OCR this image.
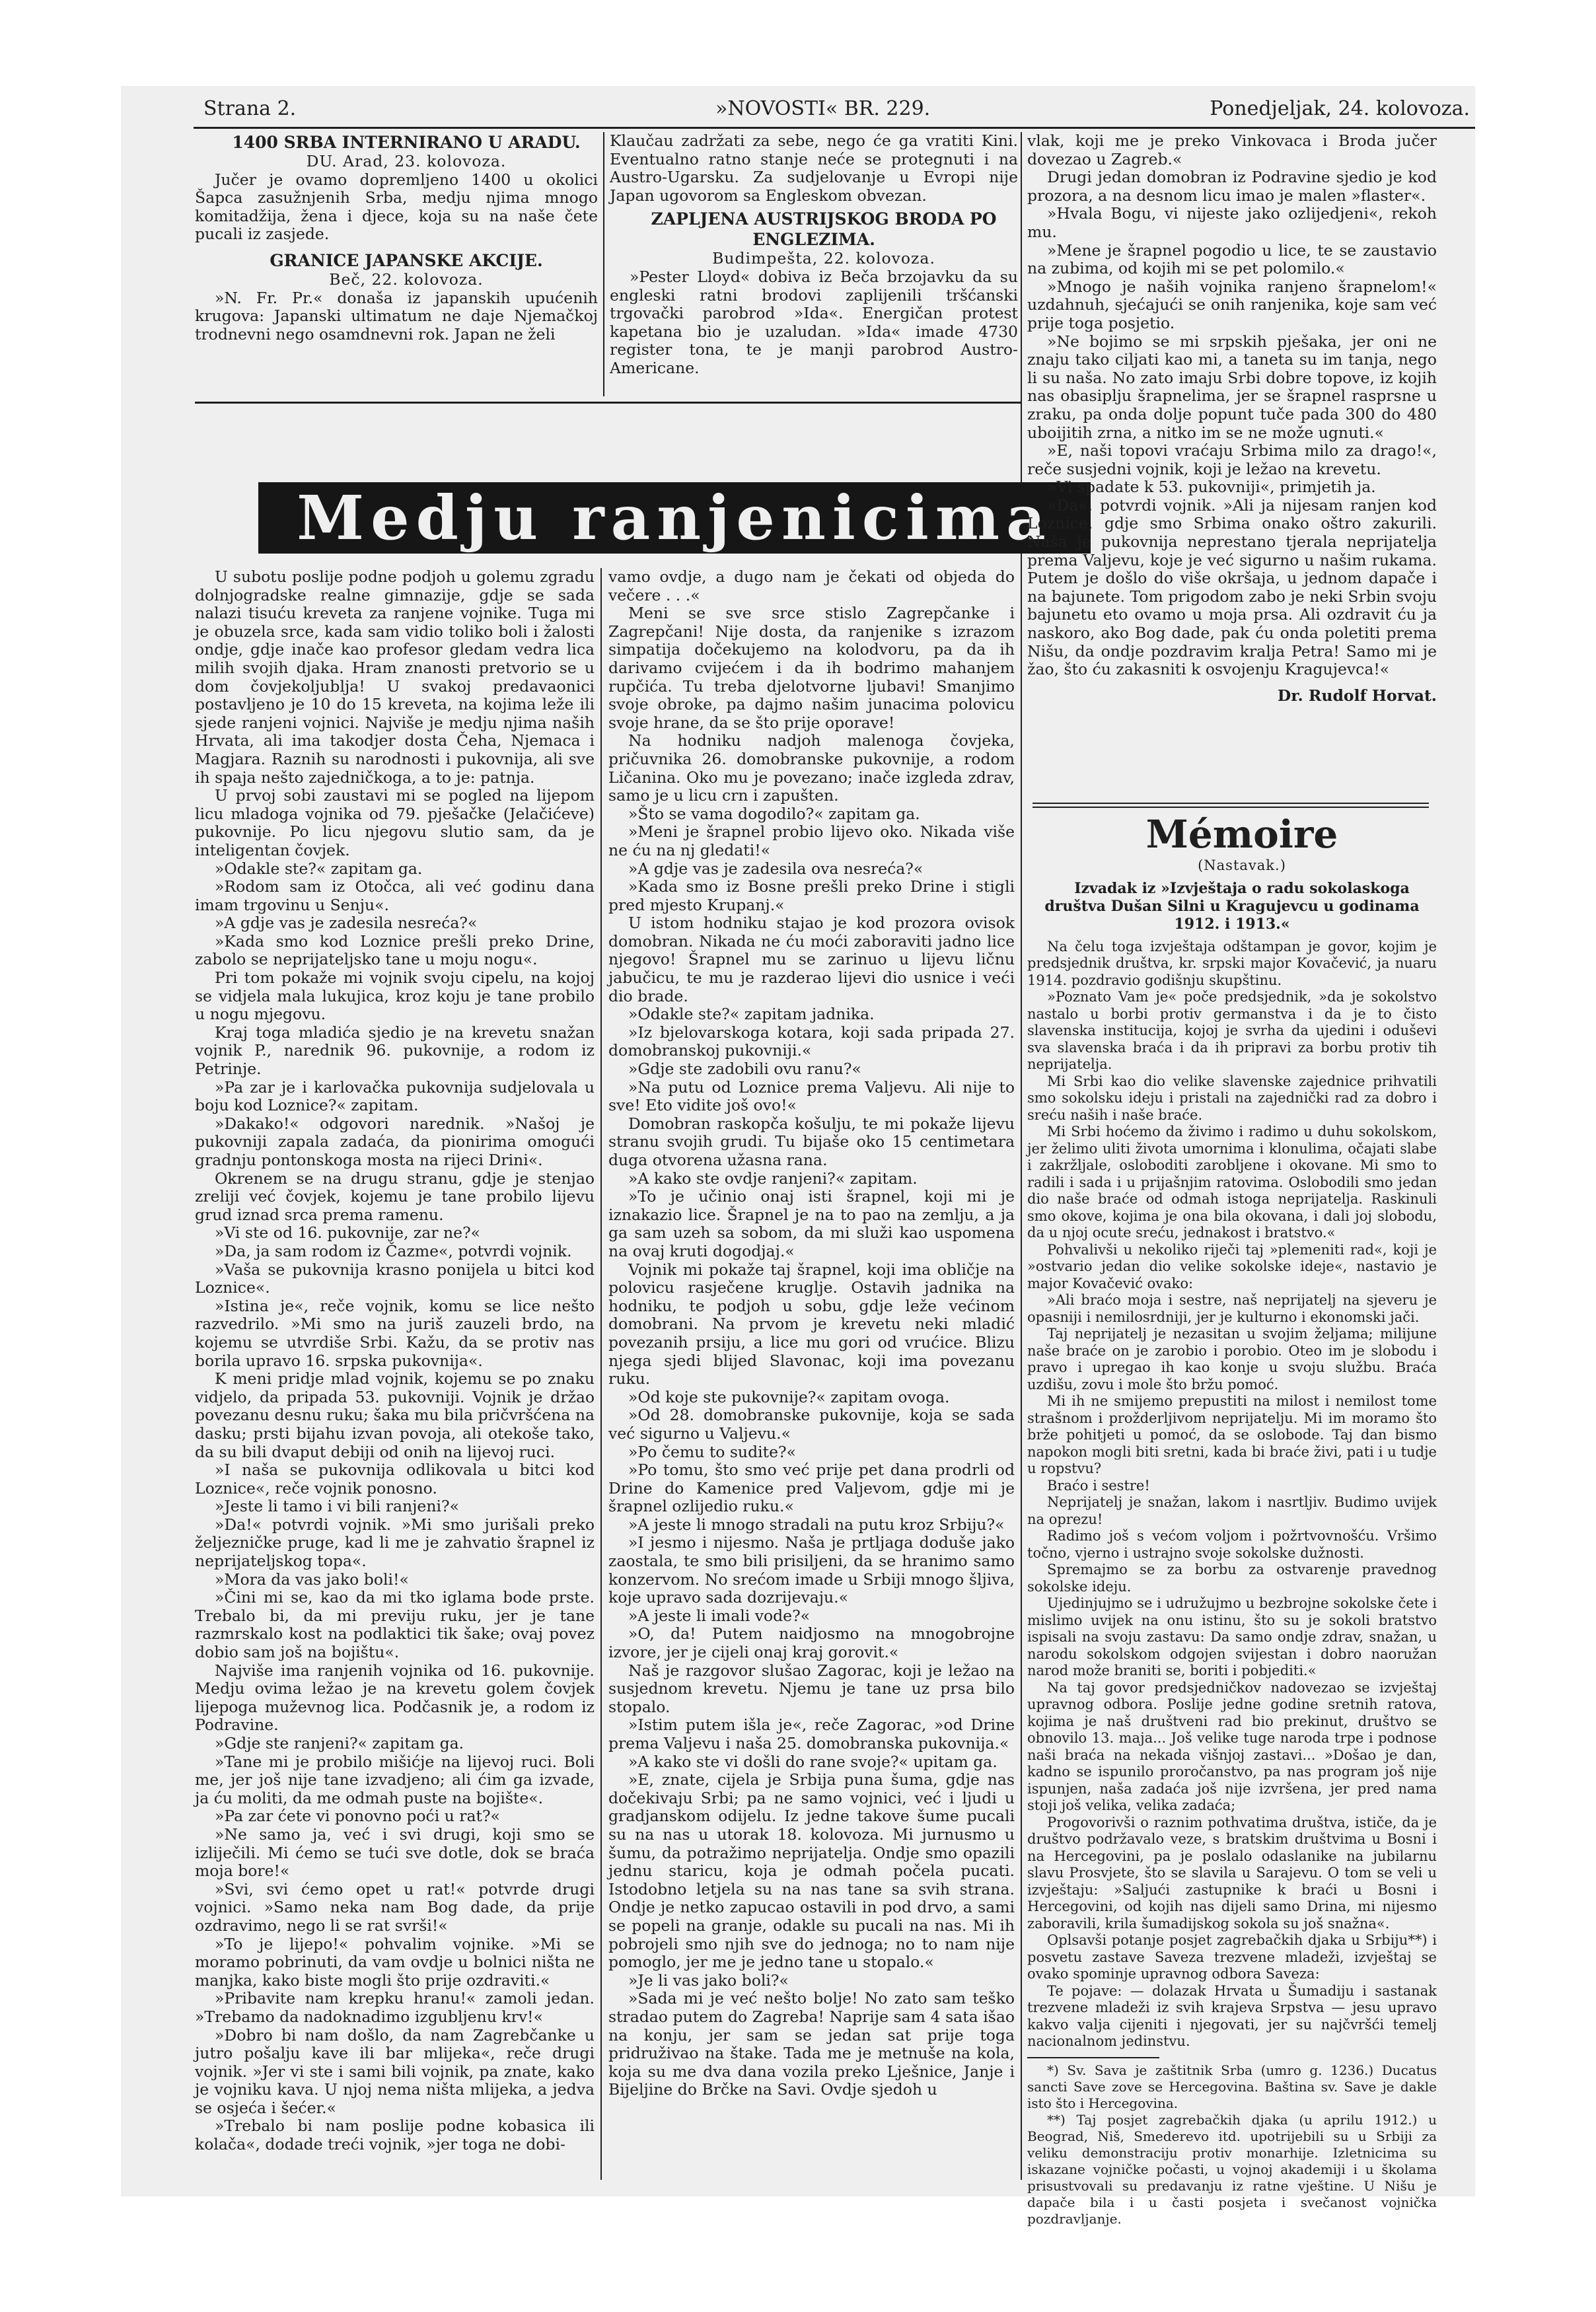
Strana 2.	»NOVOSTI« BR. 229.	Ponedjeljak, 24. kolovoza.

1400 SRBA INTERNIRANO U ARADU.

DU. Arad, 23. kolovoza.

Jučer je ovamo dopremljeno 1400 u okolici Šapca zasužnjenih Srba, medju njima mnogo komitadžija, žena i djece, koja su na naše čete pucali iz zasjede.

GRANICE JAPANSKE AKCIJE.

Beč, 22. kolovoza.

»N. Fr. Pr.« donaša iz japanskih upućenih krugova: Japanski ultimatum ne daje Njemačkoj trodnevni nego osamdnevni rok. Japan ne želi

Klaučau zadržati za sebe, nego će ga vratiti Kini. Eventualno ratno stanje neće se protegnuti i na Austro-Ugarsku. Za sudjelovanje u Evropi nije Japan ugovorom sa Engleskom obvezan.

ZAPLJENA AUSTRIJSKOG BRODA PO ENGLEZIMA.

Budimpešta, 22. kolovoza.

»Pester Lloyd« dobiva iz Beča brzojavku da su engleski ratni brodovi zaplijenili tršćanski trgovački parobrod »Ida«. Energičan protest kapetana bio je uzaludan. »Ida« imade 4730 register tona, te je manji parobrod Austro-Americane.

Medju ranjenicima

U subotu poslije podne podjoh u golemu zgradu dolnjogradske realne gimnazije, gdje se sada nalazi tisuću kreveta za ranjene vojnike. Tuga mi je obuzela srce, kada sam vidio toliko boli i žalosti ondje, gdje inače kao profesor gledam vedra lica milih svojih djaka. Hram znanosti pretvorio se u dom čovjekoljublja! U svakoj predavaonici postavljeno je 10 do 15 kreveta, na kojima leže ili sjede ranjeni vojnici. Najviše je medju njima naših Hrvata, ali ima takodjer dosta Čeha, Njemaca i Magjara. Raznih su narodnosti i pukovnija, ali sve ih spaja nešto zajedničkoga, a to je: patnja.

U prvoj sobi zaustavi mi se pogled na lijepom licu mladoga vojnika od 79. pješačke (Jelačićeve) pukovnije. Po licu njegovu slutio sam, da je inteligentan čovjek.

»Odakle ste?« zapitam ga.

»Rodom sam iz Otočca, ali već godinu dana imam trgovinu u Senju«.

»A gdje vas je zadesila nesreća?«

»Kada smo kod Loznice prešli preko Drine, zabolo se neprijateljsko tane u moju nogu«.

Pri tom pokaže mi vojnik svoju cipelu, na kojoj se vidjela mala lukujica, kroz koju je tane probilo u nogu mjegovu.

Kraj toga mladića sjedio je na krevetu snažan vojnik P., narednik 96. pukovnije, a rodom iz Petrinje.

»Pa zar je i karlovačka pukovnija sudjelovala u boju kod Loznice?« zapitam.

»Dakako!« odgovori narednik. »Našoj je pukovniji zapala zadaća, da pionirima omogući gradnju pontonskoga mosta na rijeci Drini«.

Okrenem se na drugu stranu, gdje je stenjao zreliji već čovjek, kojemu je tane probilo lijevu grud iznad srca prema ramenu.

»Vi ste od 16. pukovnije, zar ne?«

»Da, ja sam rodom iz Čazme«, potvrdi vojnik.

»Vaša se pukovnija krasno ponijela u bitci kod Loznice«.

»Istina je«, reče vojnik, komu se lice nešto razvedrilo. »Mi smo na juriš zauzeli brdo, na kojemu se utvrdiše Srbi. Kažu, da se protiv nas borila upravo 16. srpska pukovnija«.

K meni pridje mlad vojnik, kojemu se po znaku vidjelo, da pripada 53. pukovniji. Vojnik je držao povezanu desnu ruku; šaka mu bila pričvršćena na dasku; prsti bijahu izvan povoja, ali otekoše tako, da su bili dvaput debiji od onih na lijevoj ruci.

»I naša se pukovnija odlikovala u bitci kod Loznice«, reče vojnik ponosno.

»Jeste li tamo i vi bili ranjeni?«

»Da!« potvrdi vojnik. »Mi smo jurišali preko željezničke pruge, kad li me je zahvatio šrapnel iz neprijateljskog topa«.

»Mora da vas jako boli!«

»Čini mi se, kao da mi tko iglama bode prste. Trebalo bi, da mi previju ruku, jer je tane razmrskalo kost na podlaktici tik šake; ovaj povez dobio sam još na bojištu«.

Najviše ima ranjenih vojnika od 16. pukovnije. Medju ovima ležao je na krevetu golem čovjek lijepoga muževnog lica. Podčasnik je, a rodom iz Podravine.

»Gdje ste ranjeni?« zapitam ga.

»Tane mi je probilo mišićje na lijevoj ruci. Boli me, jer još nije tane izvadjeno; ali ćim ga izvade, ja ću moliti, da me odmah pustе na bojište«.

»Pa zar ćete vi ponovno poći u rat?«

»Ne samo ja, već i svi drugi, koji smo se izliječili. Mi ćemo se tući sve dotle, dok se braća moja bore!«

»Svi, svi ćemo opet u rat!« potvrde drugi vojnici. »Samo neka nam Bog dade, da prije ozdravimo, nego li se rat svrši!«

»To je lijepo!« pohvalim vojnike. »Mi se moramo pobrinuti, da vam ovdje u bolnici ništa ne manjka, kako biste mogli što prije ozdraviti.«

»Pribavite nam krepku hranu!« zamoli jedan. »Trebamo da nadoknadimo izgubljenu krv!«

»Dobro bi nam došlo, da nam Zagrebčanke u jutro pošalju kave ili bar mlijeka«, reče drugi vojnik. »Jer vi ste i sami bili vojnik, pa znate, kako je vojniku kava. U njoj nema ništa mlijeka, a jedva se osjeća i šećer.«

»Trebalo bi nam poslije podne kobasica ili kolača«, dodade treći vojnik, »jer toga ne dobi-

vamo ovdje, a dugo nam je čekati od objeda do večere . . .«

Meni se sve srce stislo Zagrepčanke i Zagrepčani! Nije dosta, da ranjenike s izrazom simpatija dočekujemo na kolodvoru, pa da ih darivamo cvijećem i da ih bodrimo mahanjem rupčića. Tu treba djelotvorne ljubavi! Smanjimo svoje obroke, pa dajmo našim junacima polovicu svoje hrane, da se što prije oporave!

Na hodniku nadjoh malenoga čovjeka, pričuvnika 26. domobranske pukovnije, a rodom Ličanina. Oko mu je povezano; inače izgleda zdrav, samo je u licu crn i zapušten.

»Što se vama dogodilo?« zapitam ga.

»Meni je šrapnel probio lijevo oko. Nikada više ne ću na nj gledati!«

»A gdje vas je zadesila ova nesreća?«

»Kada smo iz Bosne prešli preko Drine i stigli pred mjesto Krupanj.«

U istom hodniku stajao je kod prozora ovisok domobran. Nikada ne ću moći zaboraviti jadno lice njegovo! Šrapnel mu se zarinuo u lijevu ličnu jabučicu, te mu je razderao lijevi dio usnice i veći dio brade.

»Odakle ste?« zapitam jadnika.

»Iz bjelovarskoga kotara, koji sada pripada 27. domobranskoj pukovniji.«

»Gdje ste zadobili ovu ranu?«

»Na putu od Loznice prema Valjevu. Ali nije to sve! Eto vidite još ovo!«

Domobran raskopča košulju, te mi pokaže lijevu stranu svojih grudi. Tu bijaše oko 15 centimetara duga otvorena užasna rana.

»A kako ste ovdje ranjeni?« zapitam.

»To je učinio onaj isti šrapnel, koji mi je iznakazio lice. Šrapnel je na to pao na zemlju, a ja ga sam uzeh sa sobom, da mi služi kao uspomena na ovaj kruti dogodjaj.«

Vojnik mi pokaže taj šrapnel, koji ima obličje na polovicu rasječene kruglje. Ostavih jadnika na hodniku, te podjoh u sobu, gdje leže većinom domobrani. Na prvom je krevetu neki mladić povezanih prsiju, a lice mu gori od vrućice. Blizu njega sjedi blijed Slavonac, koji ima povezanu ruku.

»Od koje ste pukovnije?« zapitam ovoga.

»Od 28. domobranske pukovnije, koja se sada već sigurno u Valjevu.«

»Po čemu to sudite?«

»Po tomu, što smo već prije pet dana prodrli od Drine do Kamenice pred Valjevom, gdje mi je šrapnel ozlijedio ruku.«

»A jeste li mnogo stradali na putu kroz Srbiju?«

»I jesmo i nijesmo. Naša je prtljaga doduše jako zaostala, te smo bili prisiljeni, da se hranimo samo konzervom. No srećom imade u Srbiji mnogo šljiva, koje upravo sada dozrijevaju.«

»A jeste li imali vode?«

»O, da! Putem naidjosmo na mnogobrojne izvore, jer je cijeli onaj kraj gorovit.«

Naš je razgovor slušao Zagorac, koji je ležao na susjednom krevetu. Njemu je tane uz prsa bilo stopalo.

»Istim putem išla je«, reče Zagorac, »od Drine prema Valjevu i naša 25. domobranska pukovnija.«

»A kako ste vi došli do rane svoje?« upitam ga.

»E, znate, cijela je Srbija puna šuma, gdje nas dočekivaju Srbi; pa ne samo vojnici, već i ljudi u gradjanskom odijelu. Iz jedne takove šume pucali su na nas u utorak 18. kolovoza. Mi jurnusmo u šumu, da potražimo neprijatelja. Ondje smo opazili jednu staricu, koja je odmah počela pucati. Istodobno letjela su na nas tane sa svih strana. Ondje je netko zapucao ostavili in pod drvo, a sami se popeli na granje, odakle su pucali na nas. Mi ih pobrojeli smo njih sve do jednoga; no to nam nije pomoglo, jer me je jedno tane u stopalo.«

»Je li vas jako boli?«

»Sada mi je već nešto bolje! No zato sam teško stradao putem do Zagreba! Naprije sam 4 sata išao na konju, jer sam se jedan sat prije toga pridruživao na štake. Tada me je metnuše na kola, koja su me dva dana vozila preko Lješnice, Janje i Bijeljine do Brčke na Savi. Ovdje sjedoh u

vlak, koji me je preko Vinkovaca i Broda jučer dovezao u Zagreb.«

Drugi jedan domobran iz Podravine sjedio je kod prozora, a na desnom licu imao je malen »flaster«.

»Hvala Bogu, vi nijeste jako ozlijedjeni«, rekoh mu.

»Mene je šrapnel pogodio u lice, te se zaustavio na zubima, od kojih mi se pet polomilo.«

»Mnogo je naših vojnika ranjeno šrapnelom!« uzdahnuh, sjećajući se onih ranjenika, koje sam već prije toga posjetio.

»Ne bojimo se mi srpskih pješaka, jer oni ne znaju tako ciljati kao mi, a taneta su im tanja, nego li su naša. No zato imaju Srbi dobre topove, iz kojih nas obasiplju šrapnelima, jer se šrapnel rasprsne u zraku, pa onda dolje popunt tuče pada 300 do 480 uboijitih zrna, a nitko im se ne može ugnuti.«

»E, naši topovi vraćaju Srbima milo za drago!«, reče susjedni vojnik, koji je ležao na krevetu.

»Vi spadate k 53. pukovniji«, primjetih ja.

»Da«, potvrdi vojnik. »Ali ja nijesam ranjen kod Loznice, gdje smo Srbima onako oštro zakurili. Naša je pukovnija neprestano tjerala neprijatelja prema Valjevu, koje je već sigurno u našim rukama. Putem je došlo do više okršaja, u jednom dapače i na bajunete. Tom prigodom zabo je neki Srbin svoju bajunetu eto ovamo u moja prsa. Ali ozdravit ću ja naskoro, ako Bog dade, pak ću onda poletiti prema Nišu, da ondje pozdravim kralja Petra! Samo mi je žao, što ću zakasniti k osvojenju Kragujevca!«

Dr. Rudolf Horvat.

Mémoire

(Nastavak.)

Izvadak iz »Izvještaja o radu sokolaskoga društva Dušan Silni u Kragujevcu u godinama 1912. i 1913.«

Na čelu toga izvještaja odštampan je govor, kojim je predsjednik društva, kr. srpski major Kovačević, ja nuaru 1914. pozdravio godišnju skupštinu.

»Poznato Vam je« poče predsjednik, »da je sokolstvo nastalo u borbi protiv germanstva i da je to čisto slavenska institucija, kojoj je svrha da ujedini i oduševi sva slavenska braća i da ih pripravi za borbu protiv tih neprijatelja.

Mi Srbi kao dio velike slavenske zajednice prihvatili smo sokolsku ideju i pristali na zajednički rad za dobro i sreću naših i naše braće.

Mi Srbi hoćemo da živimo i radimo u duhu sokolskom, jer želimo uliti života umornima i klonulima, očajati slabe i zakržljale, osloboditi zarobljene i okovane. Mi smo to radili i sada i u prijašnjim ratovima. Oslobodili smo jedan dio naše braće od odmah istoga neprijatelja. Raskinuli smo okove, kojima je ona bila okovana, i dali joj slobodu, da u njoj ocute sreću, jednakost i bratstvo.«

Pohvalivši u nekoliko riječi taj »plemeniti rad«, koji je »ostvario jedan dio velike sokolske ideje«, nastavio je major Kovačević ovako:

»Ali braćo moja i sestre, naš neprijatelj na sjeveru je opasniji i nemilosrdniji, jer je kulturno i ekonomski jači.

Taj neprijatelj je nezasitan u svojim željama; milijune naše braće on je zarobio i porobio. Oteo im je slobodu i pravo i upregao ih kao konje u svoju službu. Braća uzdišu, zovu i mole što bržu pomoć.

Mi ih ne smijemo prepustiti na milost i nemilost tome strašnom i prožderljivom neprijatelju. Mi im moramo što brže pohitjeti u pomoć, da se oslobode. Taj dan bismo napokon mogli biti sretni, kada bi braće živi, pati i u tudje u ropstvu?

Braćo i sestre!

Neprijatelj je snažan, lakom i nasrtljiv. Budimo uvijek na oprezu!

Radimo još s većom voljom i požrtvovnošću. Vršimo točno, vjerno i ustrajno svoje sokolske dužnosti.

Spremajmo se za borbu za ostvarenje pravednog sokolske ideju.

Ujedinjujmo se i udružujmo u bezbrojne sokolske čete i mislimo uvijek na onu istinu, što su je sokoli bratstvo ispisali na svoju zastavu: Da samo ondje zdrav, snažan, u narodu sokolskom odgojen svijestan i dobro naoružan narod može braniti se, boriti i pobjediti.«

Na taj govor predsjedničkov nadovezao se izvještaj upravnog odbora. Poslije jedne godine sretnih ratova, kojima je naš društveni rad bio prekinut, društvo se obnovilo 13. maja... Još velike tuge naroda trpe i podnose naši braća na nekada višnjoj zastavi... »Došao je dan, kadno se ispunilo proročanstvo, pa nas program još nije ispunjen, naša zadaća još nije izvršena, jer pred nama stoji još velika, velika zadaća;

Progovorivši o raznim pothvatima društva, ističe, da je društvo podržavalo veze, s bratskim društvima u Bosni i na Hercegovini, pa je poslalo odaslanike na jubilarnu slavu Prosvjete, što se slavila u Sarajevu. O tom se veli u izvještaju: »Saljući zastupnike k braći u Bosni i Hercegovini, od kojih nas dijeli samo Drina, mi nijesmo zaboravili, krila šumadijskog sokola su još snažna«.

Oplsavši potanje posjet zagrebačkih djaka u Srbiju**) i posvetu zastave Saveza trezvene mladeži, izvještaj se ovako spominje upravnog odbora Saveza:

Te pojave: — dolazak Hrvata u Šumadiju i sastanak trezvene mladeži iz svih krajeva Srpstva — jesu upravo kakvo valja cijeniti i njegovati, jer su najčvršći temelj nacionalnom jedinstvu.

*) Sv. Sava je zaštitnik Srba (umro g. 1236.) Ducatus sancti Save zove se Hercegovina. Baština sv. Save je dakle isto što i Hercegovina.

**) Taj posjet zagrebačkih djaka (u aprilu 1912.) u Beograd, Niš, Smederevo itd. upotrijebili su u Srbiji za veliku demonstraciju protiv monarhije. Izletnicima su iskazane vojničke počasti, u vojnoj akademiji i u školama prisustvovali su predavanju iz ratne vještine. U Nišu je dapače bila i u časti posjeta i svečanost vojnička pozdravljanje.
